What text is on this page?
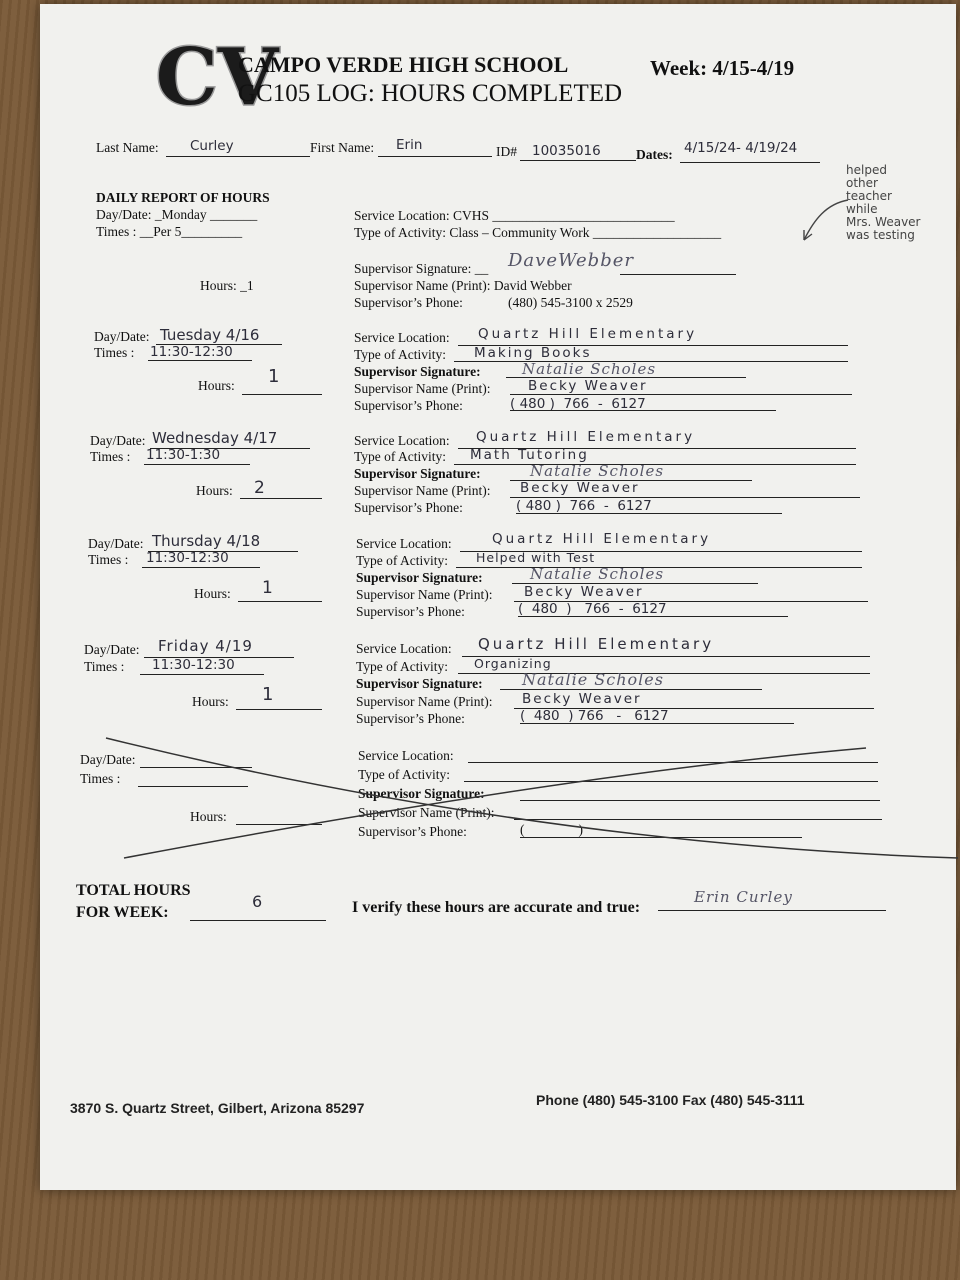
CV
CAMPO VERDE HIGH SCHOOL
GC105 LOG: HOURS COMPLETED
Week: 4/15-4/19
Last Name: Curley	First Name: Erin	ID# 10035016	Dates: 4/15/24- 4/19/24
helped
other
teacher
while
Mrs. Weaver
was testing
DAILY REPORT OF HOURS
Day/Date: _Monday _______
Times : __Per 5_________
Hours: _1
Service Location: CVHS ___________________________
Type of Activity: Class – Community Work ___________________
Supervisor Signature: __ DaveWebber
Supervisor Name (Print): David Webber
Supervisor’s Phone:	(480) 545-3100 x 2529
Day/Date: Tuesday 4/16
Times : 11:30-12:30
Hours: 1
Service Location: Quartz Hill Elementary
Type of Activity: Making Books
Supervisor Signature:	Natalie Scholes
Supervisor Name (Print):	Becky Weaver
Supervisor’s Phone:	( 480 )  766  -  6127
Day/Date: Wednesday 4/17
Times : 11:30-1:30
Hours: 2
Service Location: Quartz Hill Elementary
Type of Activity: Math Tutoring
Supervisor Signature:	Natalie Scholes
Supervisor Name (Print): Becky Weaver
Supervisor’s Phone:	( 480 )  766  -  6127
Day/Date: Thursday 4/18
Times : 11:30-12:30
Hours: 1
Service Location:	Quartz Hill Elementary
Type of Activity: Helped with Test
Supervisor Signature:	Natalie Scholes
Supervisor Name (Print): Becky Weaver
Supervisor’s Phone:	(  480  )   766  -  6127
Day/Date: Friday 4/19
Times : 11:30-12:30
Hours: 1
Service Location: Quartz Hill Elementary
Type of Activity: Organizing
Supervisor Signature: Natalie Scholes
Supervisor Name (Print): Becky Weaver
Supervisor’s Phone:	(  480  ) 766   -   6127
Day/Date:
Times :
Hours:
Service Location:
Type of Activity:
Supervisor Signature:
Supervisor Name (Print):
Supervisor’s Phone:	(                )
TOTAL HOURS
FOR WEEK:
6	I verify these hours are accurate and true:
Erin Curley
3870 S. Quartz Street, Gilbert, Arizona 85297	Phone (480) 545-3100 Fax (480) 545-3111
